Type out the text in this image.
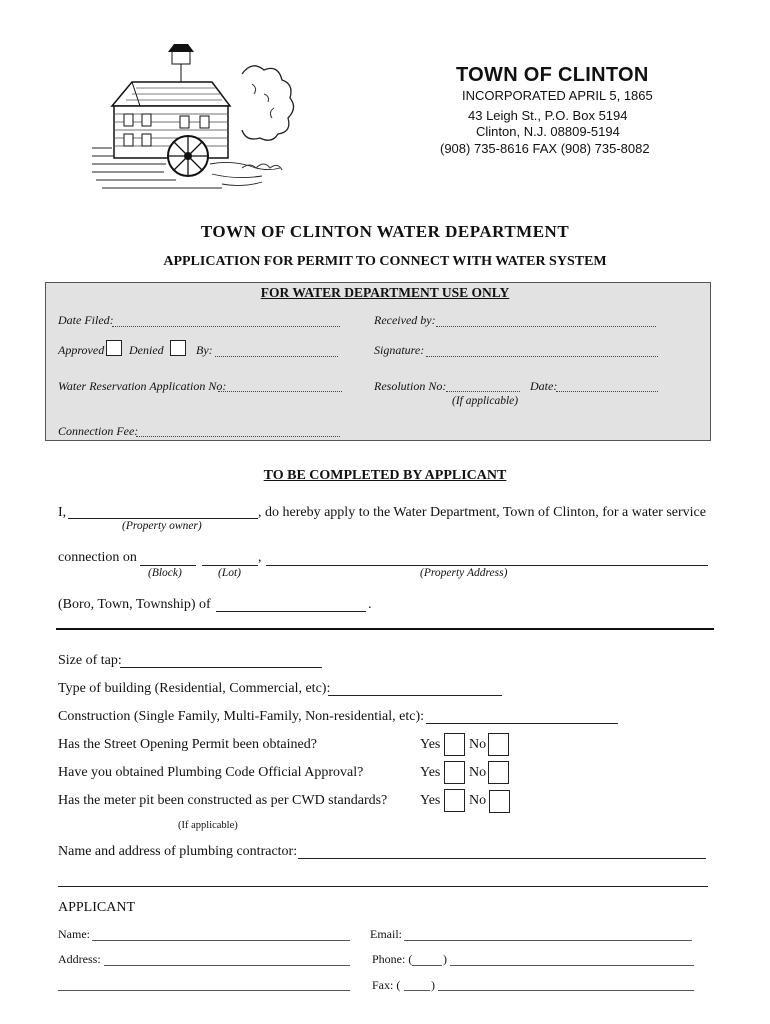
TOWN OF CLINTON
INCORPORATED APRIL 5, 1865
43 Leigh St., P.O. Box 5194
Clinton, N.J. 08809-5194
(908) 735-8616 FAX (908) 735-8082
TOWN OF CLINTON WATER DEPARTMENT
APPLICATION FOR PERMIT TO CONNECT WITH WATER SYSTEM
FOR WATER DEPARTMENT USE ONLY
Date Filed:	Received by:
Approved Denied	By:	Signature:
Water Reservation Application No:	Resolution No:	Date:
(If applicable)
Connection Fee:
TO BE COMPLETED BY APPLICANT
I,	, do hereby apply to the Water Department, Town of Clinton, for a water service
(Property owner)
connection on	,
(Block)	(Lot)	(Property Address)
(Boro, Town, Township) of	.
Size of tap:
Type of building (Residential, Commercial, etc):
Construction (Single Family, Multi-Family, Non-residential, etc):
Has the Street Opening Permit been obtained?	Yes No
Have you obtained Plumbing Code Official Approval?	Yes No
Has the meter pit been constructed as per CWD standards? Yes No
(If applicable)
Name and address of plumbing contractor:
APPLICANT
Name:	Email:
Address:	Phone: (	)
Fax: (	)
